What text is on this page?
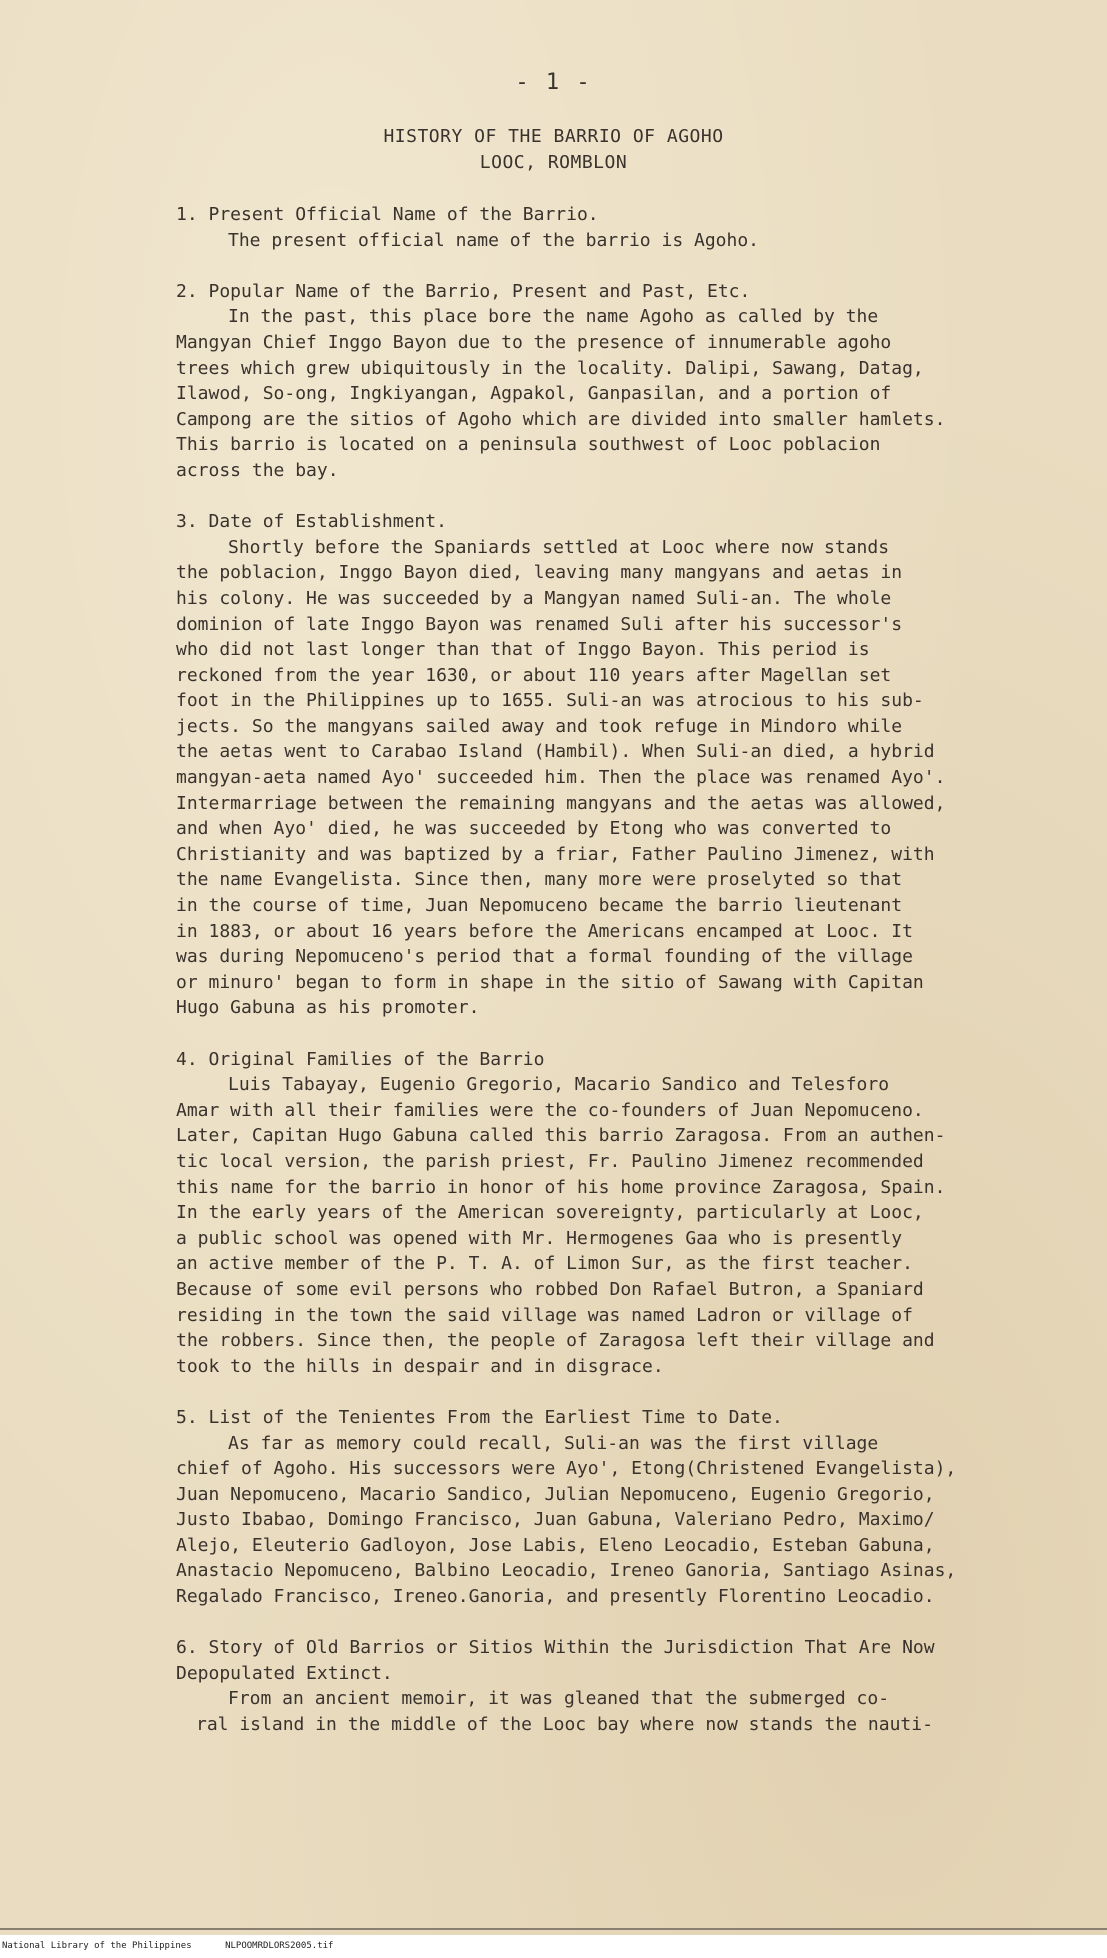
- 1 -
HISTORY OF THE BARRIO OF AGOHO
LOOC, ROMBLON
1. Present Official Name of the Barrio.
The present official name of the barrio is Agoho.
2. Popular Name of the Barrio, Present and Past, Etc.
In the past, this place bore the name Agoho as called by the
Mangyan Chief Inggo Bayon due to the presence of innumerable agoho
trees which grew ubiquitously in the locality. Dalipi, Sawang, Datag,
Ilawod, So-ong, Ingkiyangan, Agpakol, Ganpasilan, and a portion of
Campong are the sitios of Agoho which are divided into smaller hamlets.
This barrio is located on a peninsula southwest of Looc poblacion
across the bay.
3. Date of Establishment.
Shortly before the Spaniards settled at Looc where now stands
the poblacion, Inggo Bayon died, leaving many mangyans and aetas in
his colony. He was succeeded by a Mangyan named Suli-an. The whole
dominion of late Inggo Bayon was renamed Suli after his successor's
who did not last longer than that of Inggo Bayon. This period is
reckoned from the year 1630, or about 110 years after Magellan set
foot in the Philippines up to 1655. Suli-an was atrocious to his sub-
jects. So the mangyans sailed away and took refuge in Mindoro while
the aetas went to Carabao Island (Hambil). When Suli-an died, a hybrid
mangyan-aeta named Ayo' succeeded him. Then the place was renamed Ayo'.
Intermarriage between the remaining mangyans and the aetas was allowed,
and when Ayo' died, he was succeeded by Etong who was converted to
Christianity and was baptized by a friar, Father Paulino Jimenez, with
the name Evangelista. Since then, many more were proselyted so that
in the course of time, Juan Nepomuceno became the barrio lieutenant
in 1883, or about 16 years before the Americans encamped at Looc. It
was during Nepomuceno's period that a formal founding of the village
or minuro' began to form in shape in the sitio of Sawang with Capitan
Hugo Gabuna as his promoter.
4. Original Families of the Barrio
Luis Tabayay, Eugenio Gregorio, Macario Sandico and Telesforo
Amar with all their families were the co-founders of Juan Nepomuceno.
Later, Capitan Hugo Gabuna called this barrio Zaragosa. From an authen-
tic local version, the parish priest, Fr. Paulino Jimenez recommended
this name for the barrio in honor of his home province Zaragosa, Spain.
In the early years of the American sovereignty, particularly at Looc,
a public school was opened with Mr. Hermogenes Gaa who is presently
an active member of the P. T. A. of Limon Sur, as the first teacher.
Because of some evil persons who robbed Don Rafael Butron, a Spaniard
residing in the town the said village was named Ladron or village of
the robbers. Since then, the people of Zaragosa left their village and
took to the hills in despair and in disgrace.
5. List of the Tenientes From the Earliest Time to Date.
As far as memory could recall, Suli-an was the first village
chief of Agoho. His successors were Ayo', Etong(Christened Evangelista),
Juan Nepomuceno, Macario Sandico, Julian Nepomuceno, Eugenio Gregorio,
Justo Ibabao, Domingo Francisco, Juan Gabuna, Valeriano Pedro, Maximo/
Alejo, Eleuterio Gadloyon, Jose Labis, Eleno Leocadio, Esteban Gabuna,
Anastacio Nepomuceno, Balbino Leocadio, Ireneo Ganoria, Santiago Asinas,
Regalado Francisco, Ireneo.Ganoria, and presently Florentino Leocadio.
6. Story of Old Barrios or Sitios Within the Jurisdiction That Are Now
Depopulated Extinct.
From an ancient memoir, it was gleaned that the submerged co-
ral island in the middle of the Looc bay where now stands the nauti-
National Library of the Philippines	NLPOOMRDLORS2005.tif
